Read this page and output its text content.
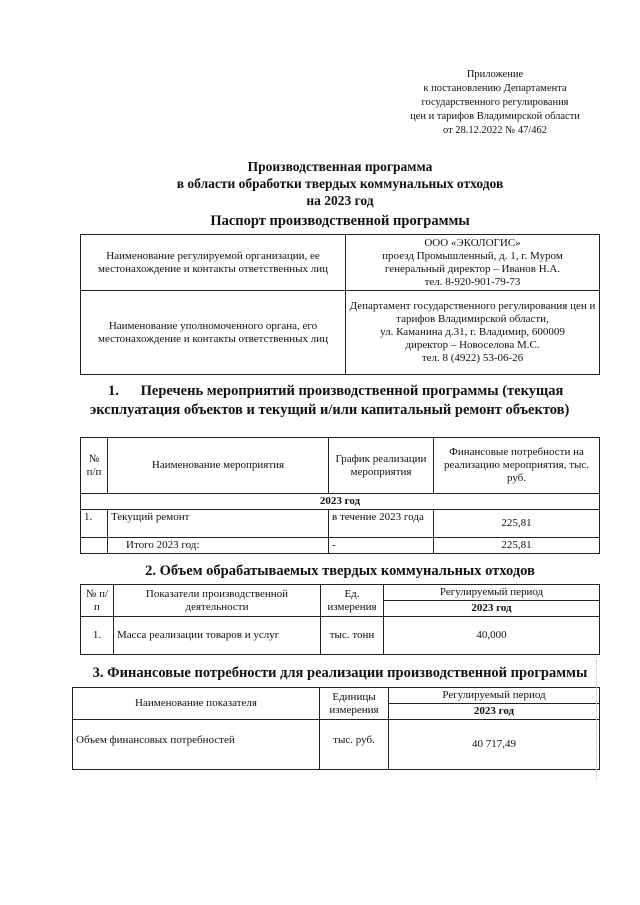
Приложение
к постановлению Департамента
государственного регулирования
цен и тарифов Владимирской области
от 28.12.2022 № 47/462
Производственная программа
в области обработки твердых коммунальных отходов
на 2023 год
Паспорт производственной программы
Наименование регулируемой организации, ее местонахождение и контакты ответственных лиц	ООО «ЭКОЛОГИС»
проезд Промышленный, д. 1, г. Муром
генеральный директор – Иванов Н.А.
тел. 8-920-901-79-73

Наименование уполномоченного органа, его местонахождение и контакты ответственных лиц	Департамент государственного регулирования цен и тарифов Владимирской области,
ул. Каманина д.31, г. Владимир, 600009
директор – Новоселова М.С.
тел. 8 (4922) 53-06-26
1.      Перечень мероприятий производственной программы (текущая
эксплуатация объектов и текущий и/или капитальный ремонт объектов)
№ п/п	Наименование мероприятия	График реализации мероприятия	Финансовые потребности на реализацию мероприятия, тыс. руб.
2023 год			
1.	Текущий ремонт	в течение 2023 года	225,81
	Итого 2023 год:	-	225,81
2. Объем обрабатываемых твердых коммунальных отходов
№ п/п	Показатели производственной деятельности	Ед. измерения	Регулируемый период
			2023 год
1.	Масса реализации товаров и услуг	тыс. тонн	40,000
3. Финансовые потребности для реализации производственной программы
Наименование показателя	Единицы измерения	Регулируемый период
		2023 год
Объем финансовых потребностей	тыс. руб.	40 717,49
